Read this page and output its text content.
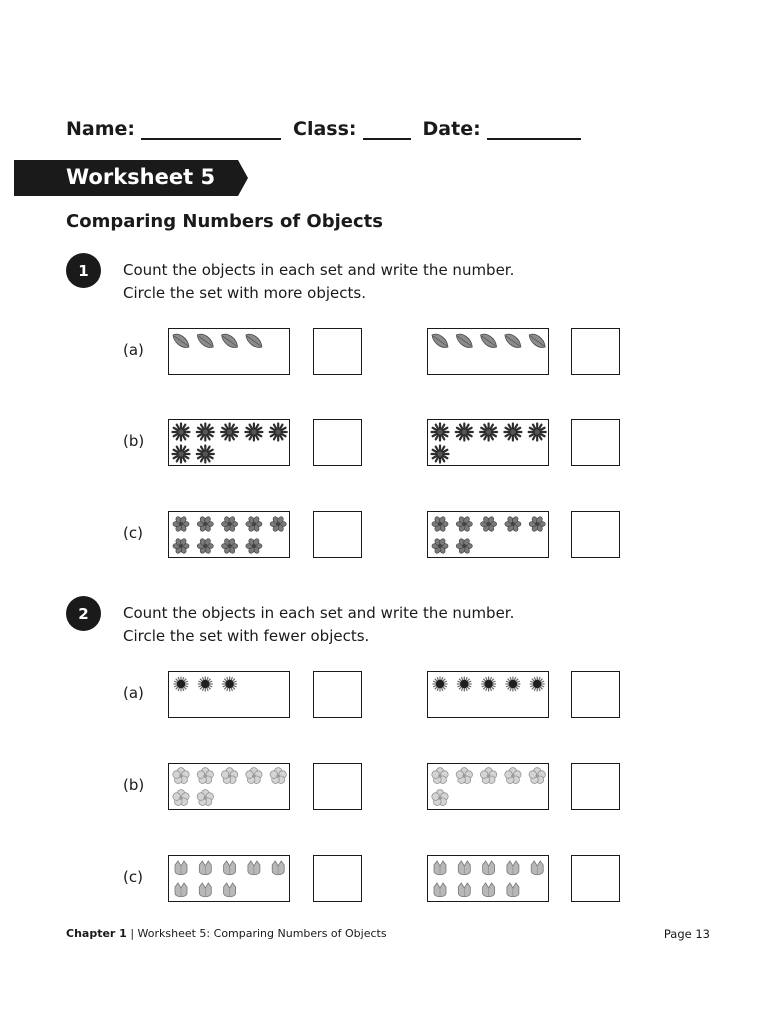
Name:	Class:	Date:
Worksheet 5
Comparing Numbers of Objects
1	Count the objects in each set and write the number.
Circle the set with more objects.
2	Count the objects in each set and write the number.
Circle the set with fewer objects.
(a)
(b)
(c)
(a)
(b)
(c)
Chapter 1 | Worksheet 5: Comparing Numbers of Objects	Page 13
